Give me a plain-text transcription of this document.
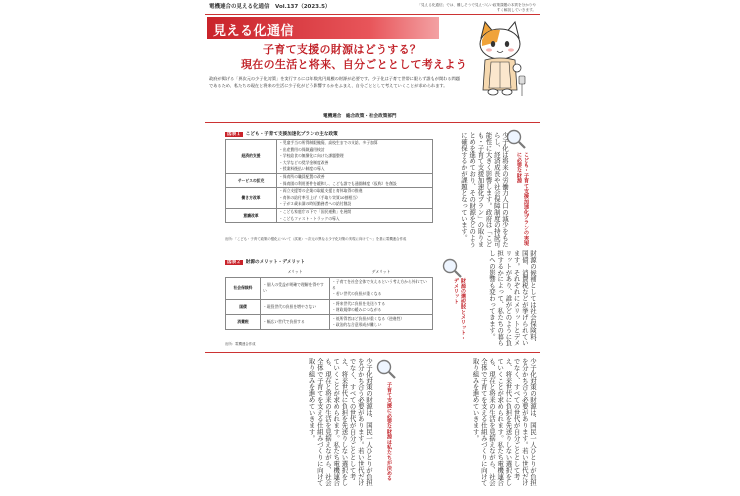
電機連合の見える化通信　Vol.137（2023.5）	「見える化通信」では、難しそうで見えづらい政策課題の本質を分かりやすく解説していきます。
見える化通信
子育て支援の財源はどうする？
現在の生活と将来、自分ごととして考えよう
政府が掲げる「異次元の少子化対策」を実行するには年数兆円規模の財源が必要です。少子化は子育て世帯に限らず誰もが関わる問題であるため、私たちの現在と将来の生活に少子化がどう影響するかをふまえ、自分ごととして考えていくことが求められます。
電機連合　総合政策・社会政策部門
図表１ こども・子育て支援加速化プランの主な政策
経済的支援	・児童手当の所得制限撤廃、高校生までの支給、多子加算
・出産費用の保険適用検討
・学校給食の無償化に向けた課題整理
・大学などの奨学金制度改善
・授業料後払い制度の導入

サービスの拡充	・保育所の職員配置の改善
・保育園の利用要件を緩和し、こども誰でも通園制度（仮称）を創設

働き方改革	・両立支援等の企業の取組支援と育休取得の推進
・育休の給付率引上げ（手取り実質10割相当）
・子が２歳未満の時短勤務者への給付創設

意識改革	・こども家庭庁の下で「国民運動」を展開
・こどもファスト・トラックの導入
出所：「こども・子育て政策の強化について（試案）～次元の異なる少子化対策の実現に向けて～」を基に電機連合作成
図表２ 財源のメリット・デメリット
	メリット	デメリット
社会保険料	・個人の受益が明確で理解を得やすい	・子育てを社会全体で支えるという考え方から外れている
・若い世代の負担が重くなる

国債	・現役世代の負担を増やさない	・将来世代に負担を先送りする
・財政規律の緩みにつながる

消費税	・幅広い世代で負担する	・低所得者ほど負担が重くなる（逆進性）
・政治的な合意形成が難しい
出所：電機連合作成
こども・子育て支援加速化プランの実現に必要な財源
少子化は将来の労働力人口の減少をもたらし、経済成長や社会保障制度の持続可能性に大きく影響します。政府は「こども・子育て支援加速化プラン」の取りまとめを進めており、その財源をどのように確保するかが課題となっています。
財源の選択肢とメリット・デメリット	財源の候補としては社会保険料、国債、消費税などが挙げられています。それぞれにメリットとデメリットがあり、誰がどのように負担するかによって、私たちの暮らしへの影響も変わってきます。
少子化対策の財源は、国民一人ひとりが負担を分かち合う必要があります。若い世代だけでなく、すべての世代が自分ごととして考え、将来世代に負担を先送りしない選択をしていくことが求められます。私たち電機連合も、現在と将来の生活を見据えながら、社会全体で子育てを支える仕組みづくりに向けて取り組みを進めていきます。
子育て支援に必要な財源は私たちが決める
少子化対策の財源は、国民一人ひとりが負担を分かち合う必要があります。若い世代だけでなく、すべての世代が自分ごととして考え、将来世代に負担を先送りしない選択をしていくことが求められます。私たち電機連合も、現在と将来の生活を見据えながら、社会全体で子育てを支える仕組みづくりに向けて取り組みを進めていきます。
